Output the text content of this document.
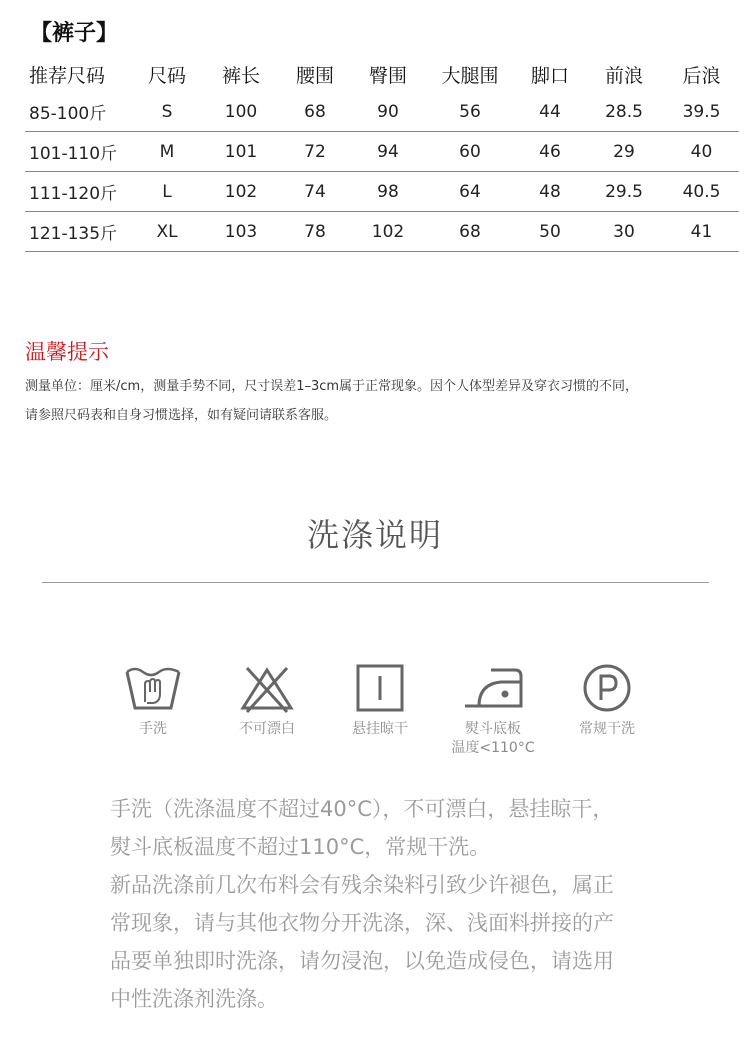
【裤子】
推荐尺码	尺码	裤长	腰围	臀围	大腿围	脚口	前浪	后浪
85-100斤	S	100	68	90	56	44	28.5	39.5
101-110斤	M	101	72	94	60	46	29	40
111-120斤	L	102	74	98	64	48	29.5	40.5
121-135斤	XL	103	78	102	68	50	30	41
温馨提示
测量单位：厘米/cm，测量手势不同，尺寸误差1–3cm属于正常现象。因个人体型差异及穿衣习惯的不同，
请参照尺码表和自身习惯选择，如有疑问请联系客服。
洗涤说明
手洗	不可漂白	悬挂晾干	熨斗底板
温度<110°C
常规干洗

手洗（洗涤温度不超过40°C），不可漂白，悬挂晾干，

熨斗底板温度不超过110°C，常规干洗。

新品洗涤前几次布料会有残余染料引致少许褪色，属正

常现象，请与其他衣物分开洗涤，深、浅面料拼接的产

品要单独即时洗涤，请勿浸泡，以免造成侵色，请选用

中性洗涤剂洗涤。
